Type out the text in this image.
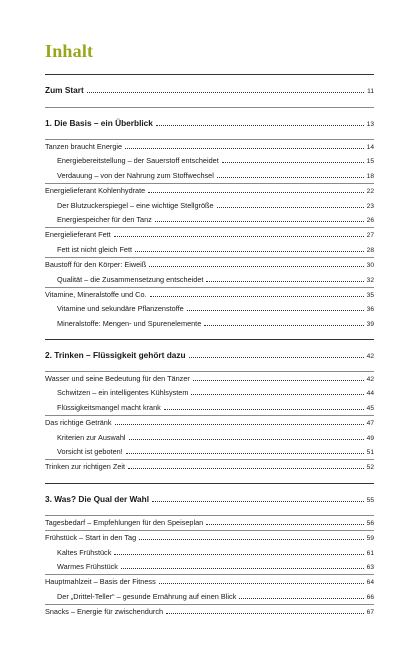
Inhalt
Zum Start	11
1. Die Basis – ein Überblick	13
Tanzen braucht Energie	14
Energiebereitstellung – der Sauerstoff entscheidet	15
Verdauung – von der Nahrung zum Stoffwechsel	18
Energielieferant Kohlenhydrate	22
Der Blutzuckerspiegel – eine wichtige Stellgröße	23
Energiespeicher für den Tanz	26
Energielieferant Fett	27
Fett ist nicht gleich Fett	28
Baustoff für den Körper: Eiweiß	30
Qualität – die Zusammensetzung entscheidet	32
Vitamine, Mineralstoffe und Co.	35
Vitamine und sekundäre Pflanzenstoffe	36
Mineralstoffe: Mengen- und Spurenelemente	39
2. Trinken – Flüssigkeit gehört dazu	42
Wasser und seine Bedeutung für den Tänzer	42
Schwitzen – ein intelligentes Kühlsystem	44
Flüssigkeitsmangel macht krank	45
Das richtige Getränk	47
Kriterien zur Auswahl	49
Vorsicht ist geboten!	51
Trinken zur richtigen Zeit	52
3. Was? Die Qual der Wahl	55
Tagesbedarf – Empfehlungen für den Speiseplan	56
Frühstück – Start in den Tag	59
Kaltes Frühstück	61
Warmes Frühstück	63
Hauptmahlzeit – Basis der Fitness	64
Der „Drittel-Teller“ – gesunde Ernährung auf einen Blick	66
Snacks – Energie für zwischendurch	67
